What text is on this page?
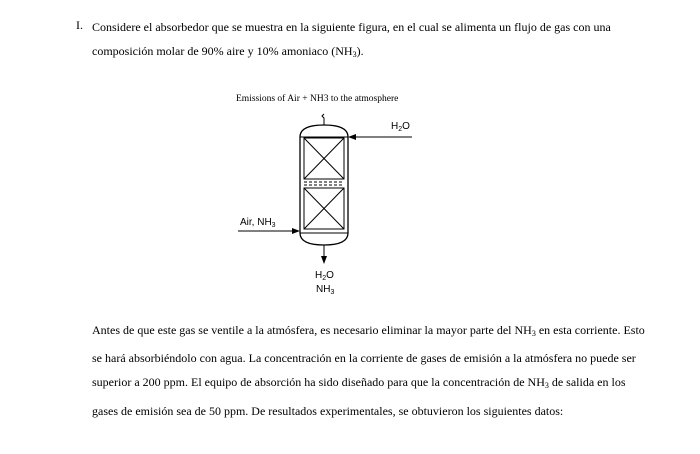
I. Considere el absorbedor que se muestra en la siguiente figura, en el cual se alimenta un flujo de gas con una composición molar de 90% aire y 10% amoniaco $(NH_3)$.

Emissions of Air + NH3 to the atmosphere
$H_2O$
Air, $NH_3$
$H_2O$
$NH_3$

Antes de que este gas se ventile a la atmósfera, es necesario eliminar la mayor parte del $NH_3$ en esta corriente. Esto se hará absorbiéndolo con agua. La concentración en la corriente de gases de emisión a la atmósfera no puede ser superior a 200 ppm. El equipo de absorción ha sido diseñado para que la concentración de $NH_3$ de salida en los gases de emisión sea de 50 ppm. De resultados experimentales, se obtuvieron los siguientes datos:
